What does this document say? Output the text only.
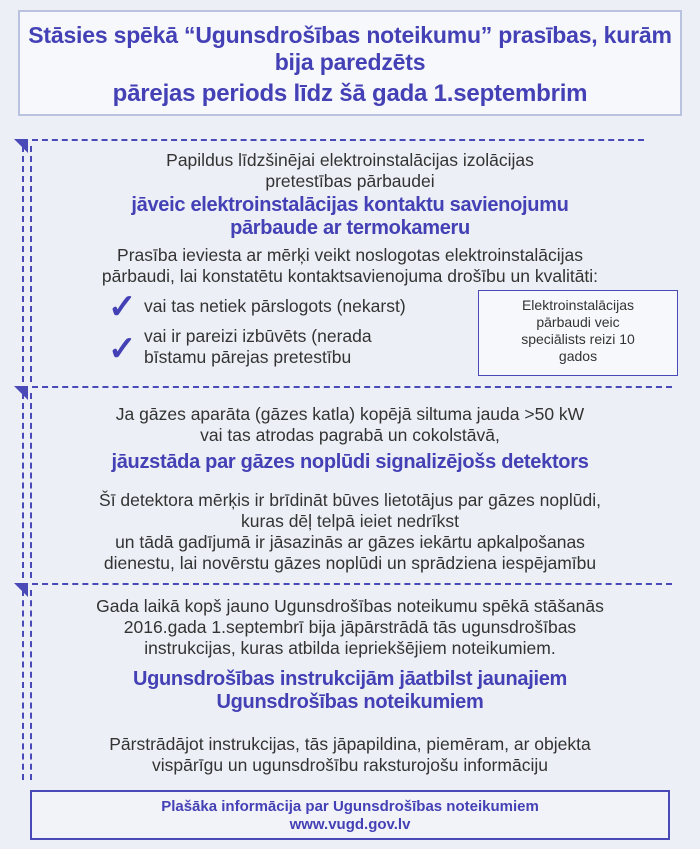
Stāsies spēkā “Ugunsdrošības noteikumu” prasības, kurām
bija paredzēts
pārejas periods līdz šā gada 1.septembrim
Papildus līdzšinējai elektroinstalācijas izolācijas
pretestības pārbaudei
jāveic elektroinstalācijas kontaktu savienojumu
pārbaude ar termokameru
Prasība ieviesta ar mērķi veikt noslogotas elektroinstalācijas
pārbaudi, lai konstatētu kontaktsavienojuma drošību un kvalitāti:
✓ vai tas netiek pārslogots (nekarst)
✓ vai ir pareizi izbūvēts (nerada
bīstamu pārejas pretestību
Elektroinstalācijas
pārbaudi veic
speciālists reizi 10
gados
Ja gāzes aparāta (gāzes katla) kopējā siltuma jauda >50 kW
vai tas atrodas pagrabā un cokolstāvā,
jāuzstāda par gāzes noplūdi signalizējošs detektors
Šī detektora mērķis ir brīdināt būves lietotājus par gāzes noplūdi,
kuras dēļ telpā ieiet nedrīkst
un tādā gadījumā ir jāsazinās ar gāzes iekārtu apkalpošanas
dienestu, lai novērstu gāzes noplūdi un sprādziena iespējamību
Gada laikā kopš jauno Ugunsdrošības noteikumu spēkā stāšanās
2016.gada 1.septembrī bija jāpārstrādā tās ugunsdrošības
instrukcijas, kuras atbilda iepriekšējiem noteikumiem.
Ugunsdrošības instrukcijām jāatbilst jaunajiem
Ugunsdrošības noteikumiem
Pārstrādājot instrukcijas, tās jāpapildina, piemēram, ar objekta
vispārīgu un ugunsdrošību raksturojošu informāciju
Plašāka informācija par Ugunsdrošības noteikumiem
www.vugd.gov.lv
